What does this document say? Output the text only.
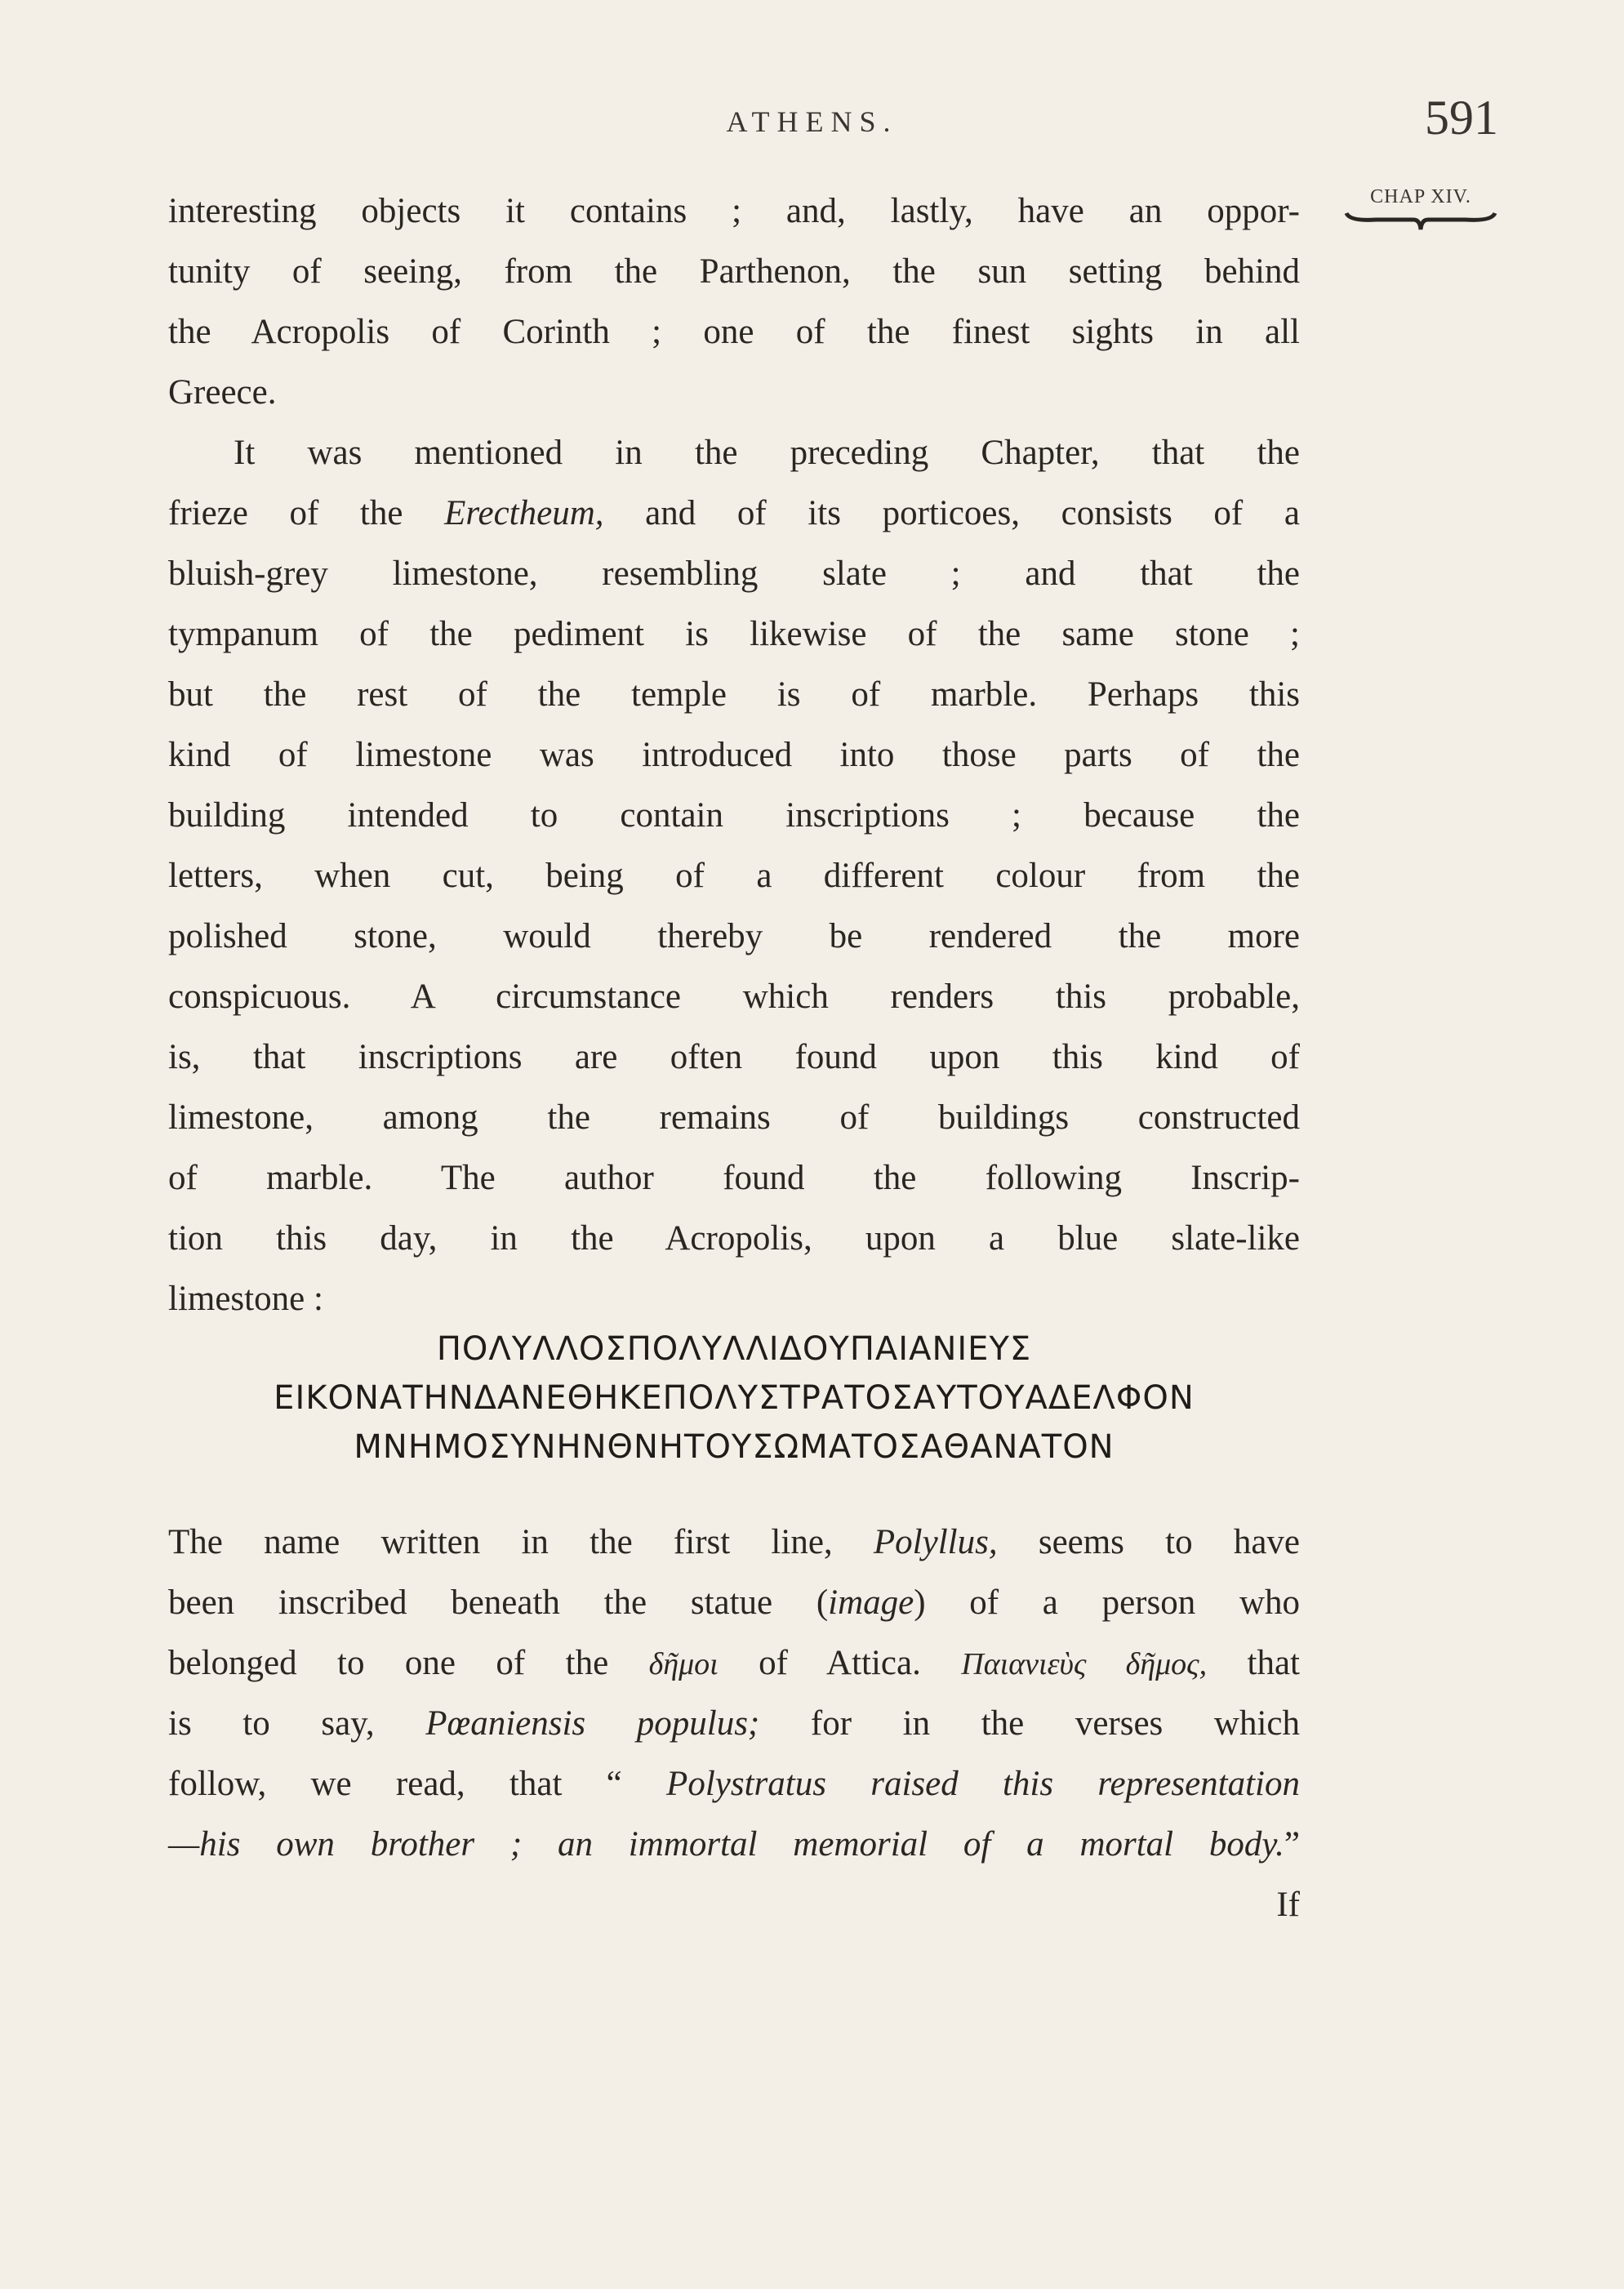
ATHENS.	591
CHAP XIV.
interesting objects it contains ; and, lastly, have an oppor-
tunity of seeing, from the Parthenon, the sun setting behind
the Acropolis of Corinth ; one of the finest sights in all
Greece.
It was mentioned in the preceding Chapter, that the
frieze of the Erectheum, and of its porticoes, consists of a
bluish-grey limestone, resembling slate ; and that the
tympanum of the pediment is likewise of the same stone ;
but the rest of the temple is of marble. Perhaps this
kind of limestone was introduced into those parts of the
building intended to contain inscriptions ; because the
letters, when cut, being of a different colour from the
polished stone, would thereby be rendered the more
conspicuous. A circumstance which renders this probable,
is, that inscriptions are often found upon this kind of
limestone, among the remains of buildings constructed
of marble. The author found the following Inscrip-
tion this day, in the Acropolis, upon a blue slate-like
limestone :
ΠΟΛΥΛΛΟΣΠΟΛΥΛΛΙΔΟΥΠΑΙΑΝΙΕΥΣ
ΕΙΚΟΝΑΤΗΝΔΑΝΕΘΗΚΕΠΟΛΥΣΤΡΑΤΟΣΑΥΤΟΥΑΔΕΛΦΟΝ
ΜΝΗΜΟΣΥΝΗΝΘΝΗΤΟΥΣΩΜΑΤΟΣΑΘΑΝΑΤΟΝ
The name written in the first line, Polyllus, seems to have
been inscribed beneath the statue (image) of a person who
belonged to one of the δῆμοι of Attica. Παιανιεὺς δῆμος, that
is to say, Pœaniensis populus; for in the verses which
follow, we read, that “ Polystratus raised this representation
—his own brother ; an immortal memorial of a mortal body.”
If
